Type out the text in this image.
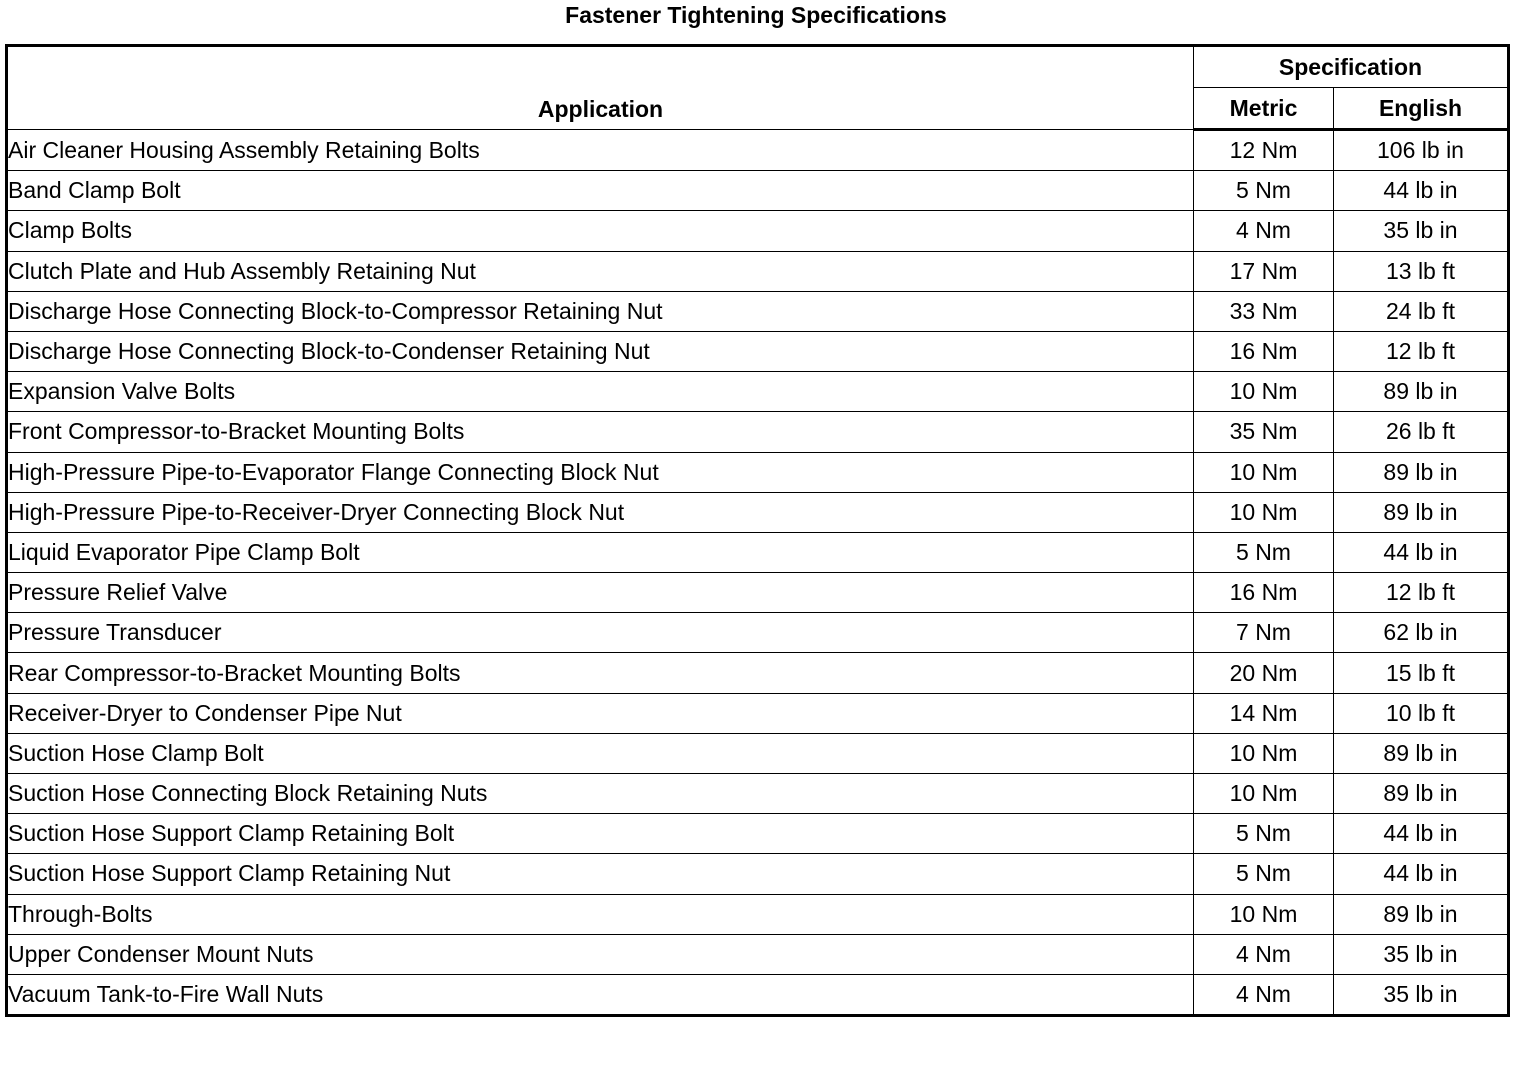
Fastener Tightening Specifications
Application	Specification	
	Metric	English
Air Cleaner Housing Assembly Retaining Bolts	12 Nm	106 lb in
Band Clamp Bolt	5 Nm	44 lb in
Clamp Bolts	4 Nm	35 lb in
Clutch Plate and Hub Assembly Retaining Nut	17 Nm	13 lb ft
Discharge Hose Connecting Block-to-Compressor Retaining Nut	33 Nm	24 lb ft
Discharge Hose Connecting Block-to-Condenser Retaining Nut	16 Nm	12 lb ft
Expansion Valve Bolts	10 Nm	89 lb in
Front Compressor-to-Bracket Mounting Bolts	35 Nm	26 lb ft
High-Pressure Pipe-to-Evaporator Flange Connecting Block Nut	10 Nm	89 lb in
High-Pressure Pipe-to-Receiver-Dryer Connecting Block Nut	10 Nm	89 lb in
Liquid Evaporator Pipe Clamp Bolt	5 Nm	44 lb in
Pressure Relief Valve	16 Nm	12 lb ft
Pressure Transducer	7 Nm	62 lb in
Rear Compressor-to-Bracket Mounting Bolts	20 Nm	15 lb ft
Receiver-Dryer to Condenser Pipe Nut	14 Nm	10 lb ft
Suction Hose Clamp Bolt	10 Nm	89 lb in
Suction Hose Connecting Block Retaining Nuts	10 Nm	89 lb in
Suction Hose Support Clamp Retaining Bolt	5 Nm	44 lb in
Suction Hose Support Clamp Retaining Nut	5 Nm	44 lb in
Through-Bolts	10 Nm	89 lb in
Upper Condenser Mount Nuts	4 Nm	35 lb in
Vacuum Tank-to-Fire Wall Nuts	4 Nm	35 lb in
